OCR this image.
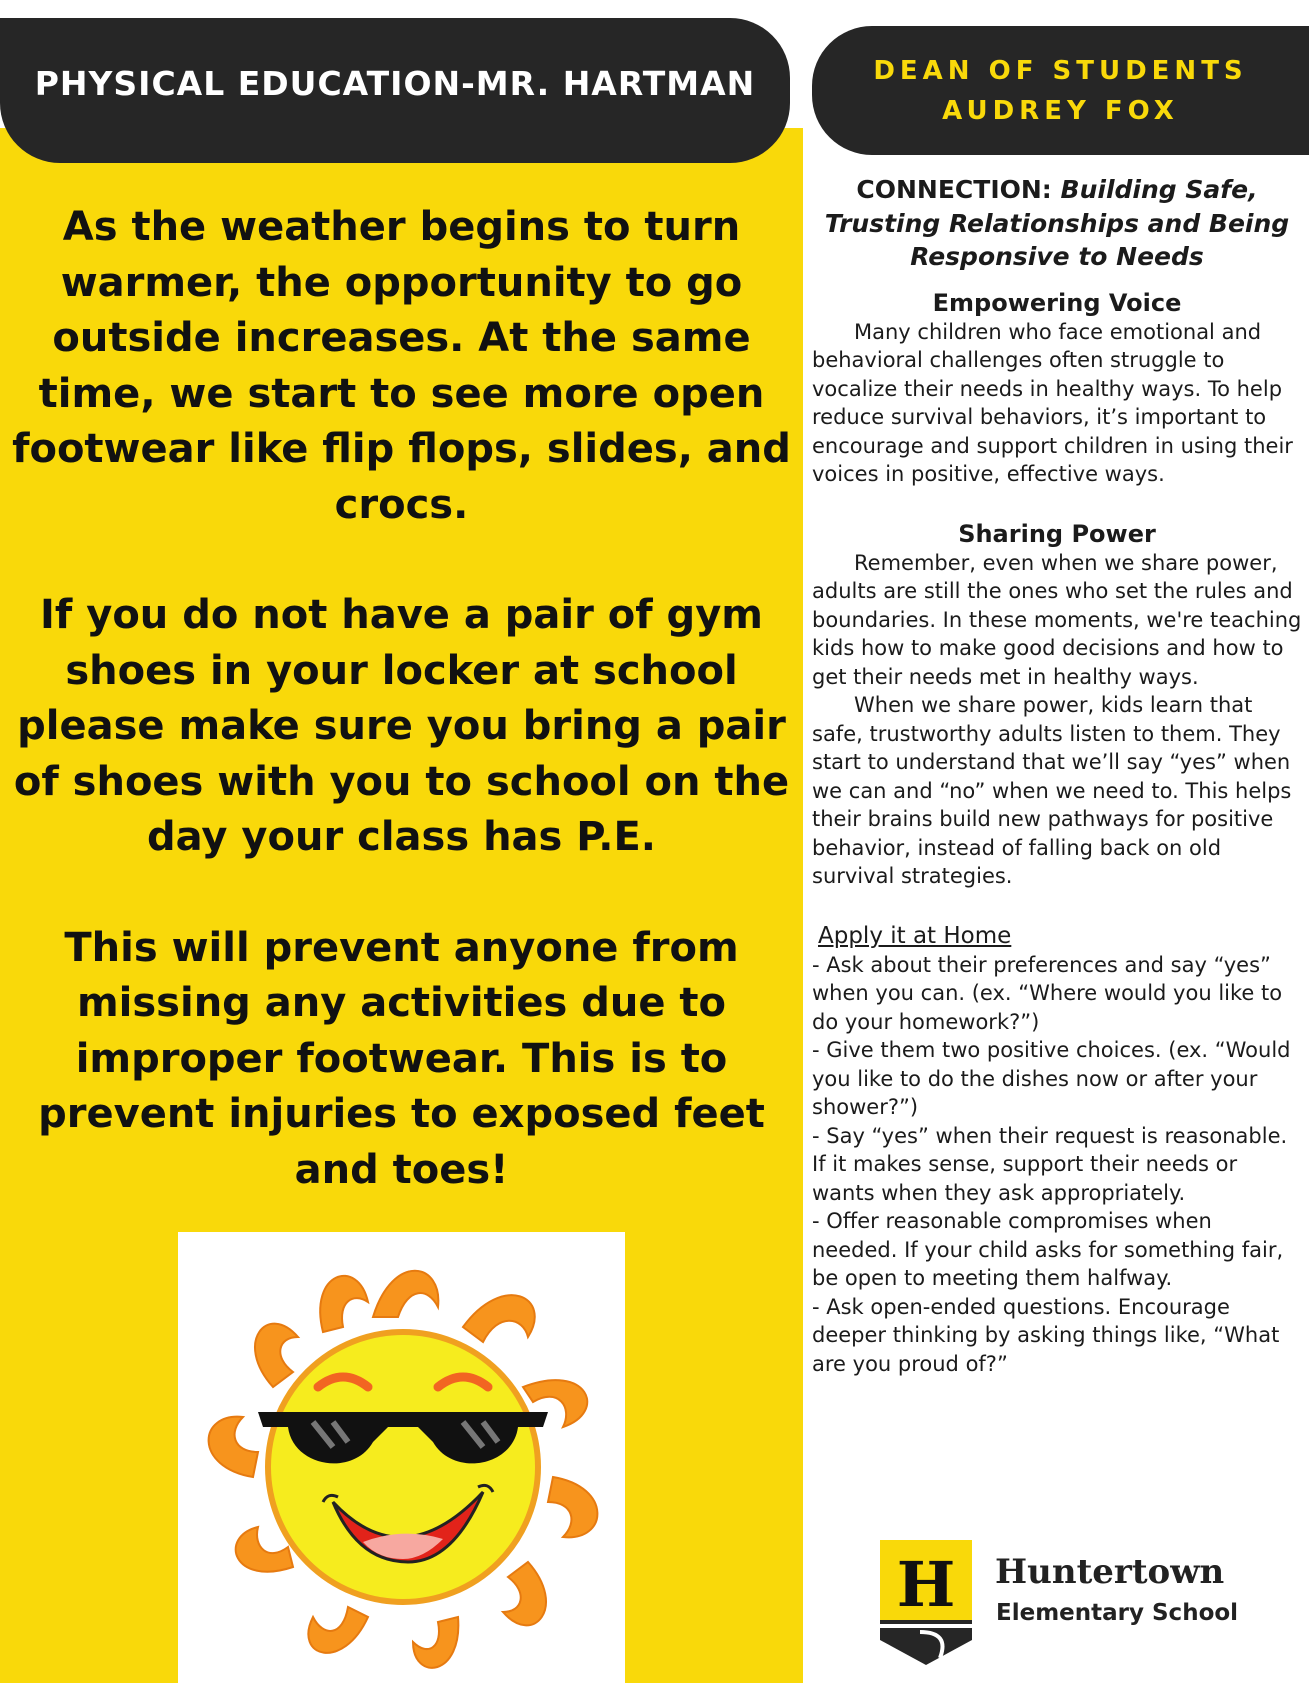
PHYSICAL EDUCATION-MR. HARTMAN	DEAN OF STUDENTS
AUDREY FOX

As the weather begins to turn warmer, the opportunity to go outside increases. At the same time, we start to see more open footwear like flip flops, slides, and crocs.

If you do not have a pair of gym shoes in your locker at school please make sure you bring a pair of shoes with you to school on the day your class has P.E.

This will prevent anyone from missing any activities due to improper footwear. This is to prevent injuries to exposed feet and toes!

CONNECTION: Building Safe, Trusting Relationships and Being Responsive to Needs
Empowering Voice

Many children who face emotional and behavioral challenges often struggle to vocalize their needs in healthy ways. To help reduce survival behaviors, it’s important to encourage and support children in using their voices in positive, effective ways.

Sharing Power

Remember, even when we share power, adults are still the ones who set the rules and boundaries. In these moments, we're teaching kids how to make good decisions and how to get their needs met in healthy ways.

When we share power, kids learn that safe, trustworthy adults listen to them. They start to understand that we’ll say “yes” when we can and “no” when we need to. This helps their brains build new pathways for positive behavior, instead of falling back on old survival strategies.

Apply it at Home

- Ask about their preferences and say “yes” when you can. (ex. “Where would you like to do your homework?”)

- Give them two positive choices. (ex. “Would you like to do the dishes now or after your shower?”)

- Say “yes” when their request is reasonable. If it makes sense, support their needs or wants when they ask appropriately.

- Offer reasonable compromises when needed. If your child asks for something fair, be open to meeting them halfway.

- Ask open-ended questions. Encourage deeper thinking by asking things like, “What are you proud of?”

H Huntertown
Elementary School
